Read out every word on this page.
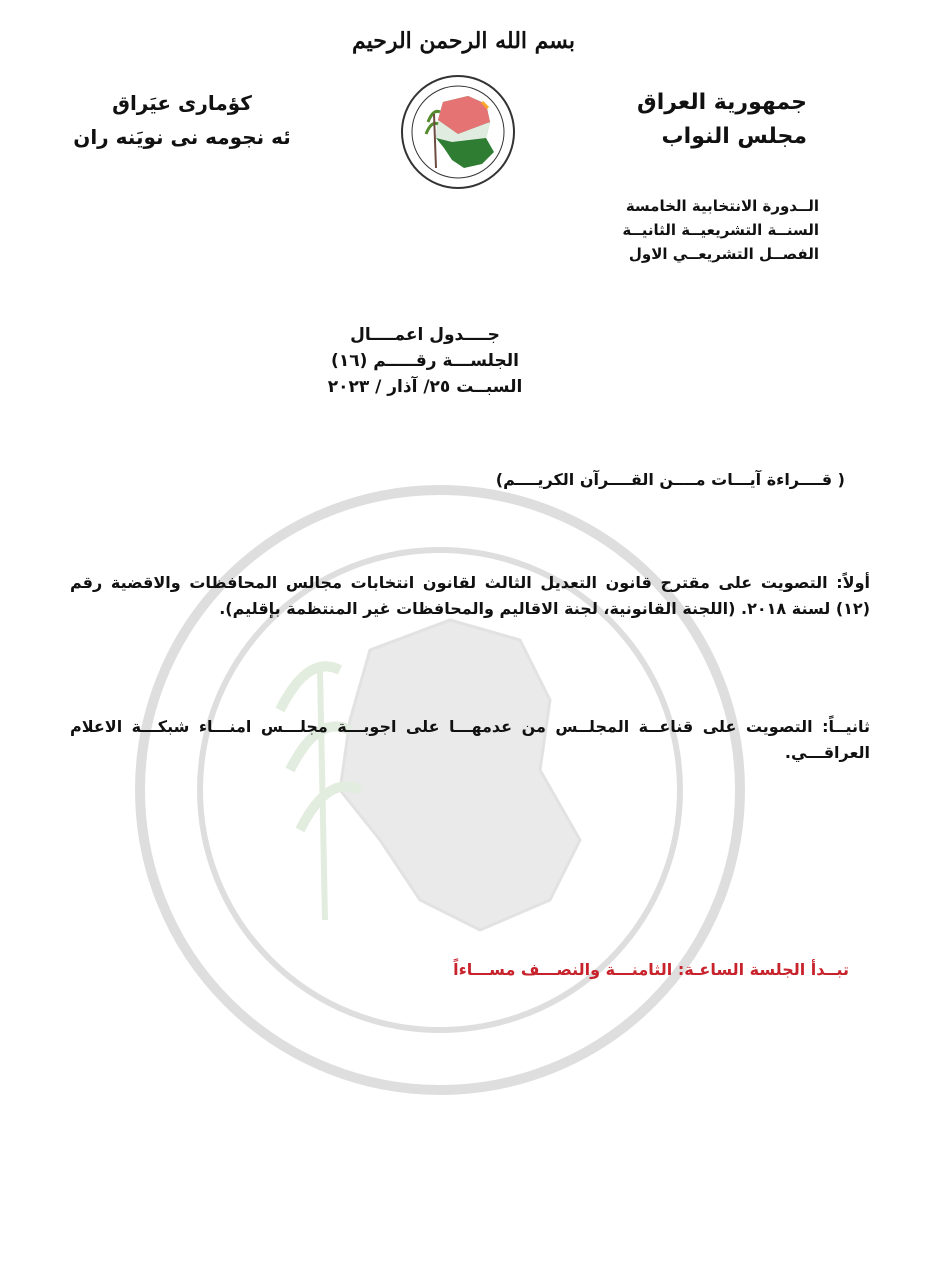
بسم الله الرحمن الرحيم
جمهورية العراق
مجلس النواب
كؤمارى عيَراق
ئه نجومه نى نويَنه ران
الــدورة الانتخابية الخامسة
السنــة التشريعيــة الثانيــة
الفصــل التشريعــي الاول
جــــدول اعمــــال
الجلســـة رقـــــم (١٦)
السبــت ٢٥/ آذار / ٢٠٢٣
( قــــراءة آيـــات مــــن القــــرآن الكريــــم)
أولاً: التصويت على مقترح قانون التعديل الثالث لقانون انتخابات مجالس المحافظات والاقضية رقم (١٢) لسنة ٢٠١٨. (اللجنة القانونية، لجنة الاقاليم والمحافظات غير المنتظمة بإقليم).
ثانيــاً: التصويت على قناعــة المجلــس من عدمهـــا على اجوبـــة مجلـــس امنـــاء شبكـــة الاعلام العراقـــي.
تبــدأ الجلسة الساعـة: الثامنـــة والنصـــف مســـاءاً
